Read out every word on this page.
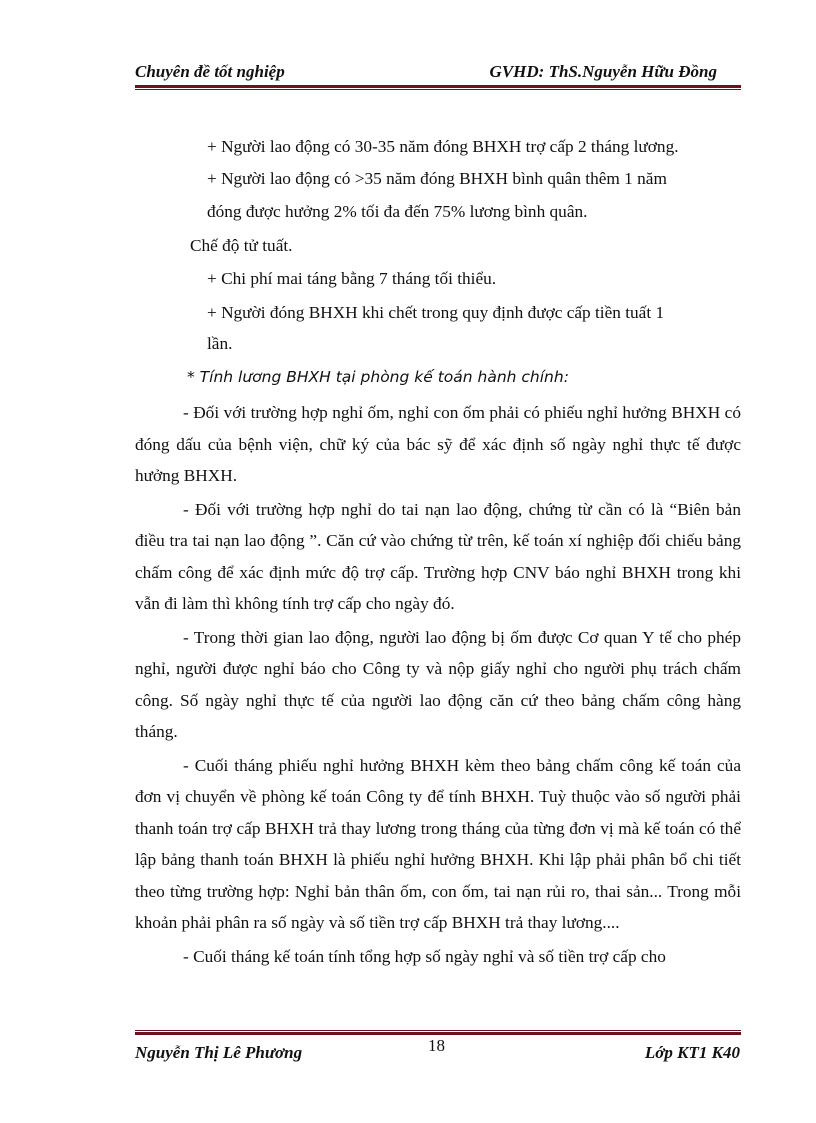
Chuyên đề tốt nghiệp	GVHD: ThS.Nguyễn Hữu Đồng

+ Người lao động có 30-35 năm đóng BHXH trợ cấp 2 tháng lương.

+ Người lao động có >35 năm đóng BHXH bình quân thêm 1 năm

đóng được hưởng 2% tối đa đến 75% lương bình quân.

Chế độ tử tuất.

+ Chi phí mai táng bằng 7 tháng tối thiểu.

+ Người đóng BHXH khi chết trong quy định được cấp tiền tuất 1

lần.

* Tính lương BHXH tại phòng kế toán hành chính:

- Đối với trường hợp nghỉ ốm, nghỉ con ốm phải có phiếu nghỉ hưởng BHXH có đóng dấu của bệnh viện, chữ ký của bác sỹ để xác định số ngày nghỉ thực tế được hưởng BHXH.

- Đối với trường hợp nghỉ do tai nạn lao động, chứng từ cần có là “Biên bản điều tra tai nạn lao động ”. Căn cứ vào chứng từ trên, kế toán xí nghiệp đối chiếu bảng chấm công để xác định mức độ trợ cấp. Trường hợp CNV báo nghỉ BHXH trong khi vẫn đi làm thì không tính trợ cấp cho ngày đó.

- Trong thời gian lao động, người lao động bị ốm được Cơ quan Y tế cho phép nghỉ, người được nghỉ báo cho Công ty và nộp giấy nghỉ cho người phụ trách chấm công. Số ngày nghỉ thực tế của người lao động căn cứ theo bảng chấm công hàng tháng.

- Cuối tháng phiếu nghỉ hưởng BHXH kèm theo bảng chấm công kế toán của đơn vị chuyển về phòng kế toán Công ty để tính BHXH. Tuỳ thuộc vào số người phải thanh toán trợ cấp BHXH trả thay lương trong tháng của từng đơn vị mà kế toán có thể lập bảng thanh toán BHXH là phiếu nghỉ hưởng BHXH. Khi lập phải phân bổ chi tiết theo từng trường hợp: Nghỉ bản thân ốm, con ốm, tai nạn rủi ro, thai sản... Trong mỗi khoản phải phân ra số ngày và số tiền trợ cấp BHXH trả thay lương....

- Cuối tháng kế toán tính tổng hợp số ngày nghỉ và số tiền trợ cấp cho

Nguyễn Thị Lê Phương	18	Lớp KT1 K40
